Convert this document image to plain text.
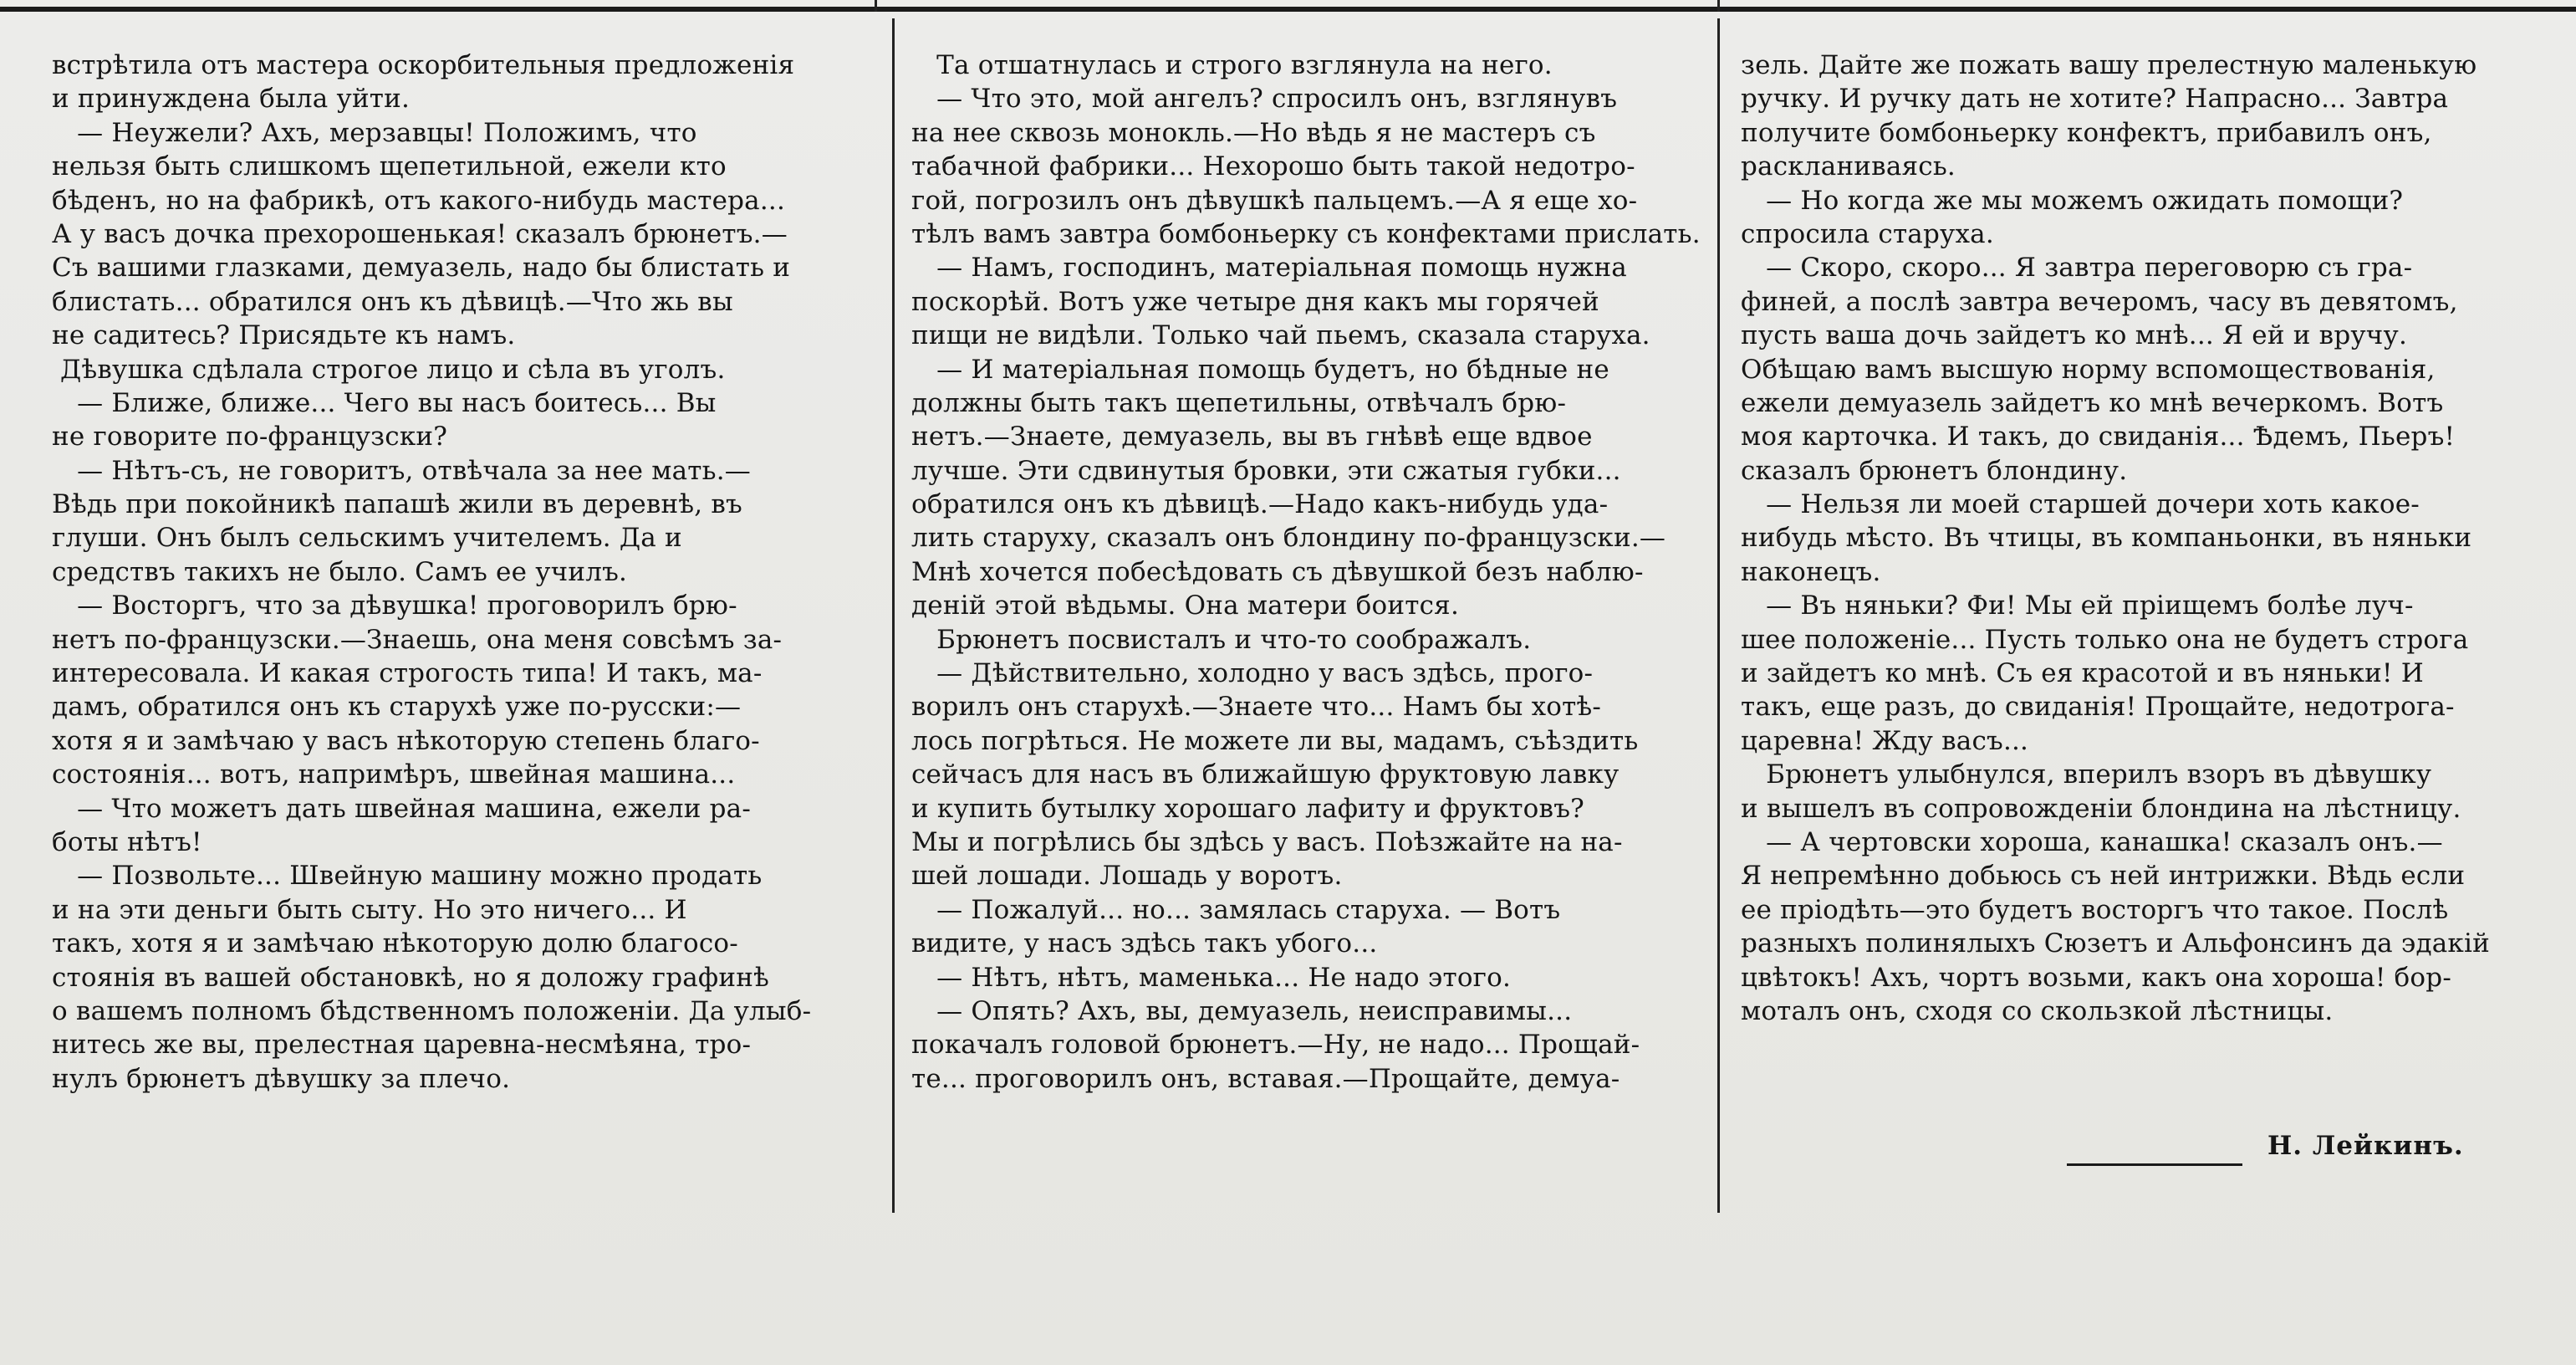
встрѣтила отъ мастера оскорбительныя предложенія
и принуждена была уйти.
— Неужели? Ахъ, мерзавцы! Положимъ, что
нельзя быть слишкомъ щепетильной, ежели кто
бѣденъ, но на фабрикѣ, отъ какого-нибудь мастера...
А у васъ дочка прехорошенькая! сказалъ брюнетъ.—
Съ вашими глазками, демуазель, надо бы блистать и
блистать... обратился онъ къ дѣвицѣ.—Что жь вы
не садитесь? Присядьте къ намъ.
Дѣвушка сдѣлала строгое лицо и сѣла въ уголъ.
— Ближе, ближе... Чего вы насъ боитесь... Вы
не говорите по-французски?
— Нѣтъ-съ, не говоритъ, отвѣчала за нее мать.—
Вѣдь при покойникѣ папашѣ жили въ деревнѣ, въ
глуши. Онъ былъ сельскимъ учителемъ. Да и
средствъ такихъ не было. Самъ ее училъ.
— Восторгъ, что за дѣвушка! проговорилъ брю-
нетъ по-французски.—Знаешь, она меня совсѣмъ за-
интересовала. И какая строгость типа! И такъ, ма-
дамъ, обратился онъ къ старухѣ уже по-русски:—
хотя я и замѣчаю у васъ нѣкоторую степень благо-
состоянія... вотъ, напримѣръ, швейная машина...
— Что можетъ дать швейная машина, ежели ра-
боты нѣтъ!
— Позвольте... Швейную машину можно продать
и на эти деньги быть сыту. Но это ничего... И
такъ, хотя я и замѣчаю нѣкоторую долю благосо-
стоянія въ вашей обстановкѣ, но я доложу графинѣ
о вашемъ полномъ бѣдственномъ положеніи. Да улыб-
нитесь же вы, прелестная царевна-несмѣяна, тро-
нулъ брюнетъ дѣвушку за плечо.
Та отшатнулась и строго взглянула на него.
— Что это, мой ангелъ? спросилъ онъ, взглянувъ
на нее сквозь монокль.—Но вѣдь я не мастеръ съ
табачной фабрики... Нехорошо быть такой недотро-
гой, погрозилъ онъ дѣвушкѣ пальцемъ.—А я еще хо-
тѣлъ вамъ завтра бомбоньерку съ конфектами прислать.
— Намъ, господинъ, матеріальная помощь нужна
поскорѣй. Вотъ уже четыре дня какъ мы горячей
пищи не видѣли. Только чай пьемъ, сказала старуха.
— И матеріальная помощь будетъ, но бѣдные не
должны быть такъ щепетильны, отвѣчалъ брю-
нетъ.—Знаете, демуазель, вы въ гнѣвѣ еще вдвое
лучше. Эти сдвинутыя бровки, эти сжатыя губки...
обратился онъ къ дѣвицѣ.—Надо какъ-нибудь уда-
лить старуху, сказалъ онъ блондину по-французски.—
Мнѣ хочется побесѣдовать съ дѣвушкой безъ наблю-
деній этой вѣдьмы. Она матери боится.
Брюнетъ посвисталъ и что-то соображалъ.
— Дѣйствительно, холодно у васъ здѣсь, прого-
ворилъ онъ старухѣ.—Знаете что... Намъ бы хотѣ-
лось погрѣться. Не можете ли вы, мадамъ, съѣздить
сейчасъ для насъ въ ближайшую фруктовую лавку
и купить бутылку хорошаго лафиту и фруктовъ?
Мы и погрѣлись бы здѣсь у васъ. Поѣзжайте на на-
шей лошади. Лошадь у воротъ.
— Пожалуй... но... замялась старуха. — Вотъ
видите, у насъ здѣсь такъ убого...
— Нѣтъ, нѣтъ, маменька... Не надо этого.
— Опять? Ахъ, вы, демуазель, неисправимы...
покачалъ головой брюнетъ.—Ну, не надо... Прощай-
те... проговорилъ онъ, вставая.—Прощайте, демуа-
зель. Дайте же пожать вашу прелестную маленькую
ручку. И ручку дать не хотите? Напрасно... Завтра
получите бомбоньерку конфектъ, прибавилъ онъ,
раскланиваясь.
— Но когда же мы можемъ ожидать помощи?
спросила старуха.
— Скоро, скоро... Я завтра переговорю съ гра-
финей, а послѣ завтра вечеромъ, часу въ девятомъ,
пусть ваша дочь зайдетъ ко мнѣ... Я ей и вручу.
Обѣщаю вамъ высшую норму вспомоществованія,
ежели демуазель зайдетъ ко мнѣ вечеркомъ. Вотъ
моя карточка. И такъ, до свиданія... Ѣдемъ, Пьеръ!
сказалъ брюнетъ блондину.
— Нельзя ли моей старшей дочери хоть какое-
нибудь мѣсто. Въ чтицы, въ компаньонки, въ няньки
наконецъ.
— Въ няньки? Фи! Мы ей пріищемъ болѣе луч-
шее положеніе... Пусть только она не будетъ строга
и зайдетъ ко мнѣ. Съ ея красотой и въ няньки! И
такъ, еще разъ, до свиданія! Прощайте, недотрога-
царевна! Жду васъ...
Брюнетъ улыбнулся, вперилъ взоръ въ дѣвушку
и вышелъ въ сопровожденіи блондина на лѣстницу.
— А чертовски хороша, канашка! сказалъ онъ.—
Я непремѣнно добьюсь съ ней интрижки. Вѣдь если
ее пріодѣть—это будетъ восторгъ что такое. Послѣ
разныхъ полинялыхъ Сюзетъ и Альфонсинъ да эдакій
цвѣтокъ! Ахъ, чортъ возьми, какъ она хороша! бор-
моталъ онъ, сходя со скользкой лѣстницы.
Н. Лейкинъ.
